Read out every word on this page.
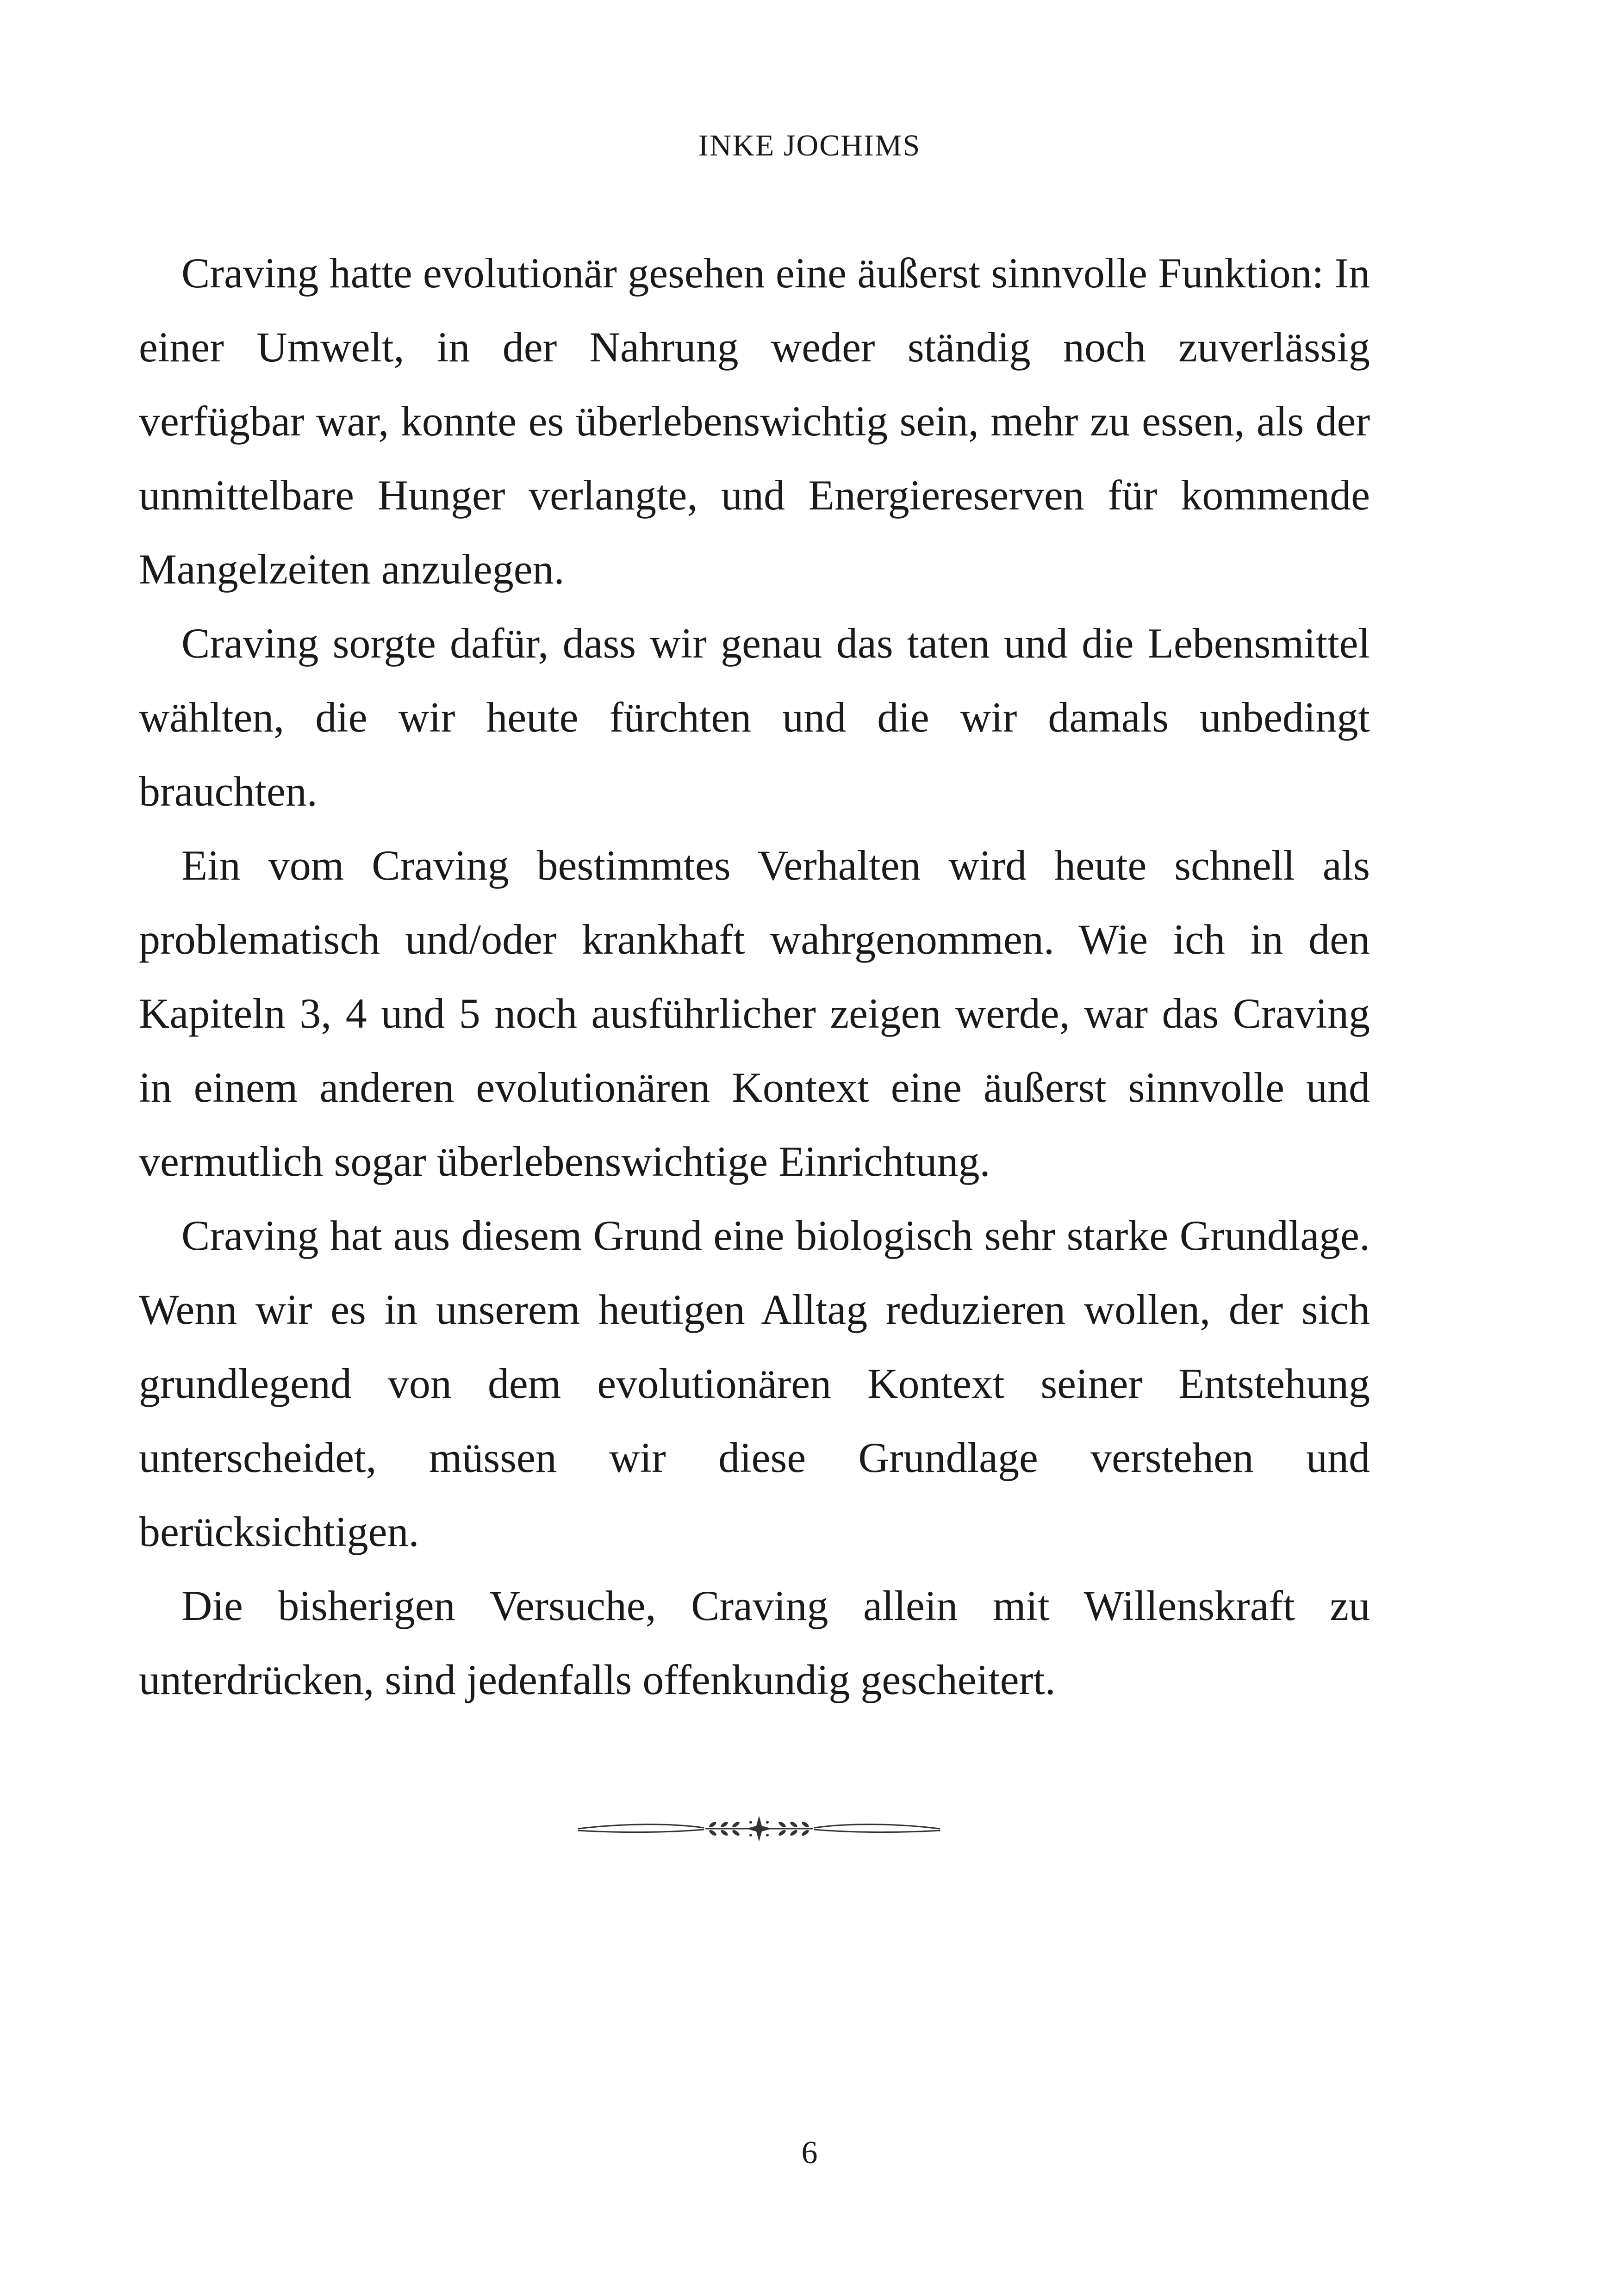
INKE JOCHIMS

Craving hatte evolutionär gesehen eine äußerst sinnvolle Funktion: In einer Umwelt, in der Nahrung weder ständig noch zuverlässig verfügbar war, konnte es überlebenswichtig sein, mehr zu essen, als der unmittelbare Hunger verlangte, und Energiereserven für kommende Mangelzeiten anzulegen.

Craving sorgte dafür, dass wir genau das taten und die Lebensmittel wählten, die wir heute fürchten und die wir damals unbedingt brauchten.

Ein vom Craving bestimmtes Verhalten wird heute schnell als problematisch und/oder krankhaft wahrgenommen. Wie ich in den Kapiteln 3, 4 und 5 noch ausführlicher zeigen werde, war das Craving in einem anderen evolutionären Kontext eine äußerst sinnvolle und vermutlich sogar überlebenswichtige Einrichtung.

Craving hat aus diesem Grund eine biologisch sehr starke Grundlage. Wenn wir es in unserem heutigen Alltag reduzieren wollen, der sich grundlegend von dem evolutionären Kontext seiner Entstehung unterscheidet, müssen wir diese Grundlage verstehen und berücksichtigen.

Die bisherigen Versuche, Craving allein mit Willenskraft zu unterdrücken, sind jedenfalls offenkundig gescheitert.

6
